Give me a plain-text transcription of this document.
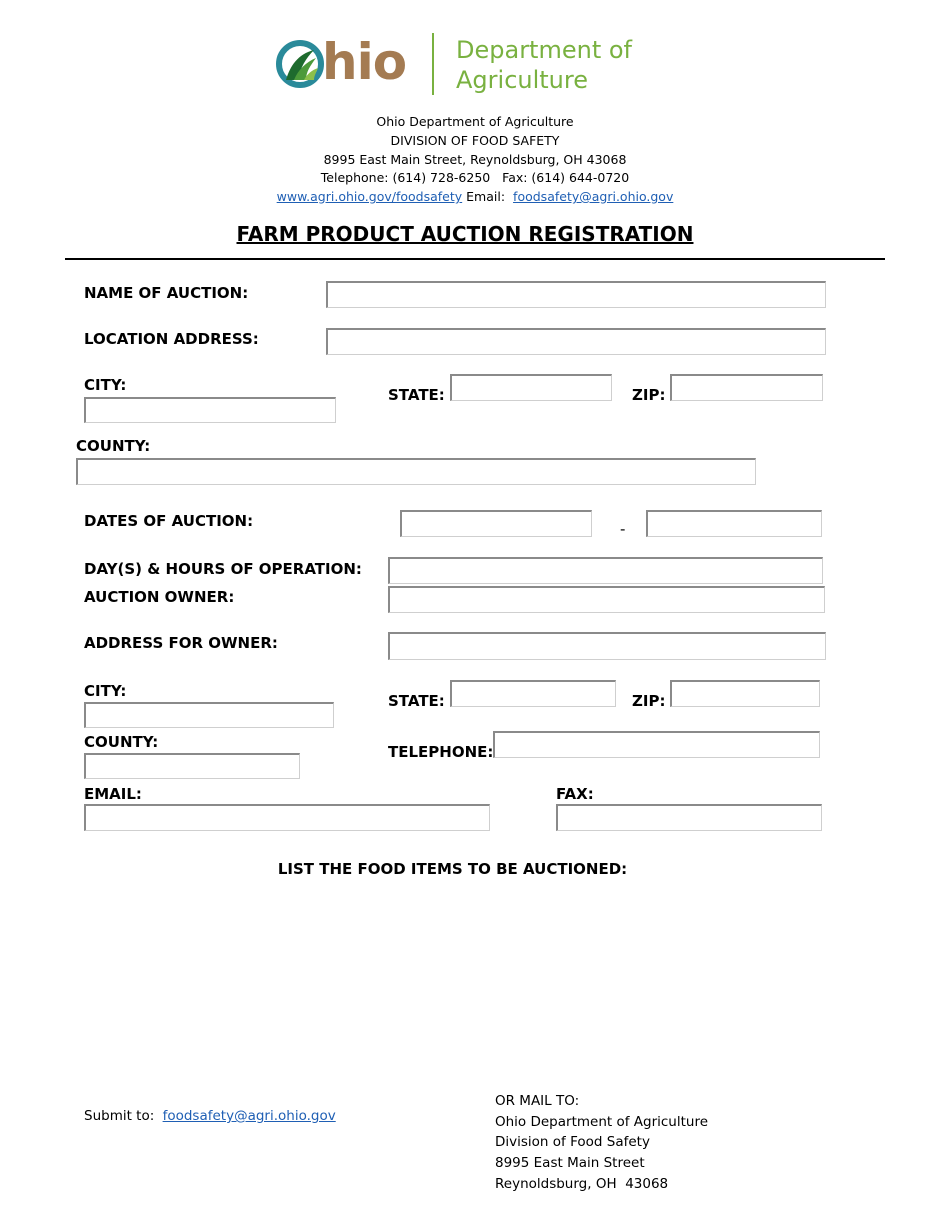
hio Department of
Agriculture
Ohio Department of Agriculture
DIVISION OF FOOD SAFETY
8995 East Main Street, Reynoldsburg, OH 43068
Telephone: (614) 728-6250   Fax: (614) 644-0720
www.agri.ohio.gov/foodsafety Email: foodsafety@agri.ohio.gov
FARM PRODUCT AUCTION REGISTRATION
NAME OF AUCTION:
LOCATION ADDRESS:
CITY:
STATE:	ZIP:
COUNTY:
DATES OF AUCTION:	-
DAY(S) & HOURS OF OPERATION:
AUCTION OWNER:
ADDRESS FOR OWNER:
CITY:
STATE:	ZIP:
COUNTY:
TELEPHONE:
EMAIL:	FAX:
LIST THE FOOD ITEMS TO BE AUCTIONED:
Submit to: foodsafety@agri.ohio.gov
OR MAIL TO:
Ohio Department of Agriculture
Division of Food Safety
8995 East Main Street
Reynoldsburg, OH  43068
